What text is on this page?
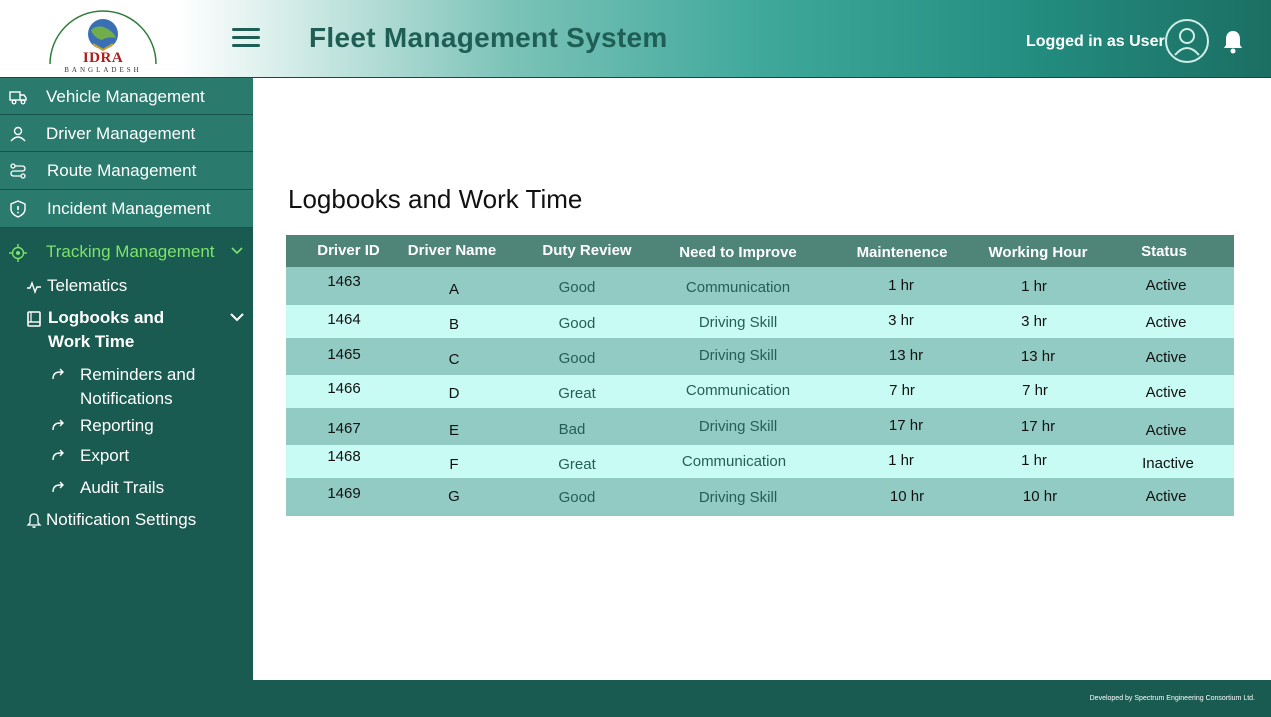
IDRA
BANGLADESH
Fleet Management System	Logged in as User
Vehicle Management
Driver Management
Route Management
Incident Management
Tracking Management
Telematics
Logbooks and
Work Time
Reminders and
Notifications
Reporting
Export
Audit Trails
Notification Settings
Logbooks and Work Time
Driver ID	Driver Name	Duty Review	Need to Improve	Maintenence	Working Hour	Status
1463	A	Good	Communication	1 hr	1 hr	Active
1464	B	Good	Driving Skill	3 hr	3 hr	Active
1465	C	Good	Driving Skill	13 hr	13 hr	Active
1466	D	Great	Communication	7 hr	7 hr	Active
1467	E	Bad	Driving Skill	17 hr	17 hr	Active
1468	F	Great	Communication	1 hr	1 hr	Inactive
1469	G	Good	Driving Skill	10 hr	10 hr	Active
Developed by Spectrum Engineering Consortium Ltd.
